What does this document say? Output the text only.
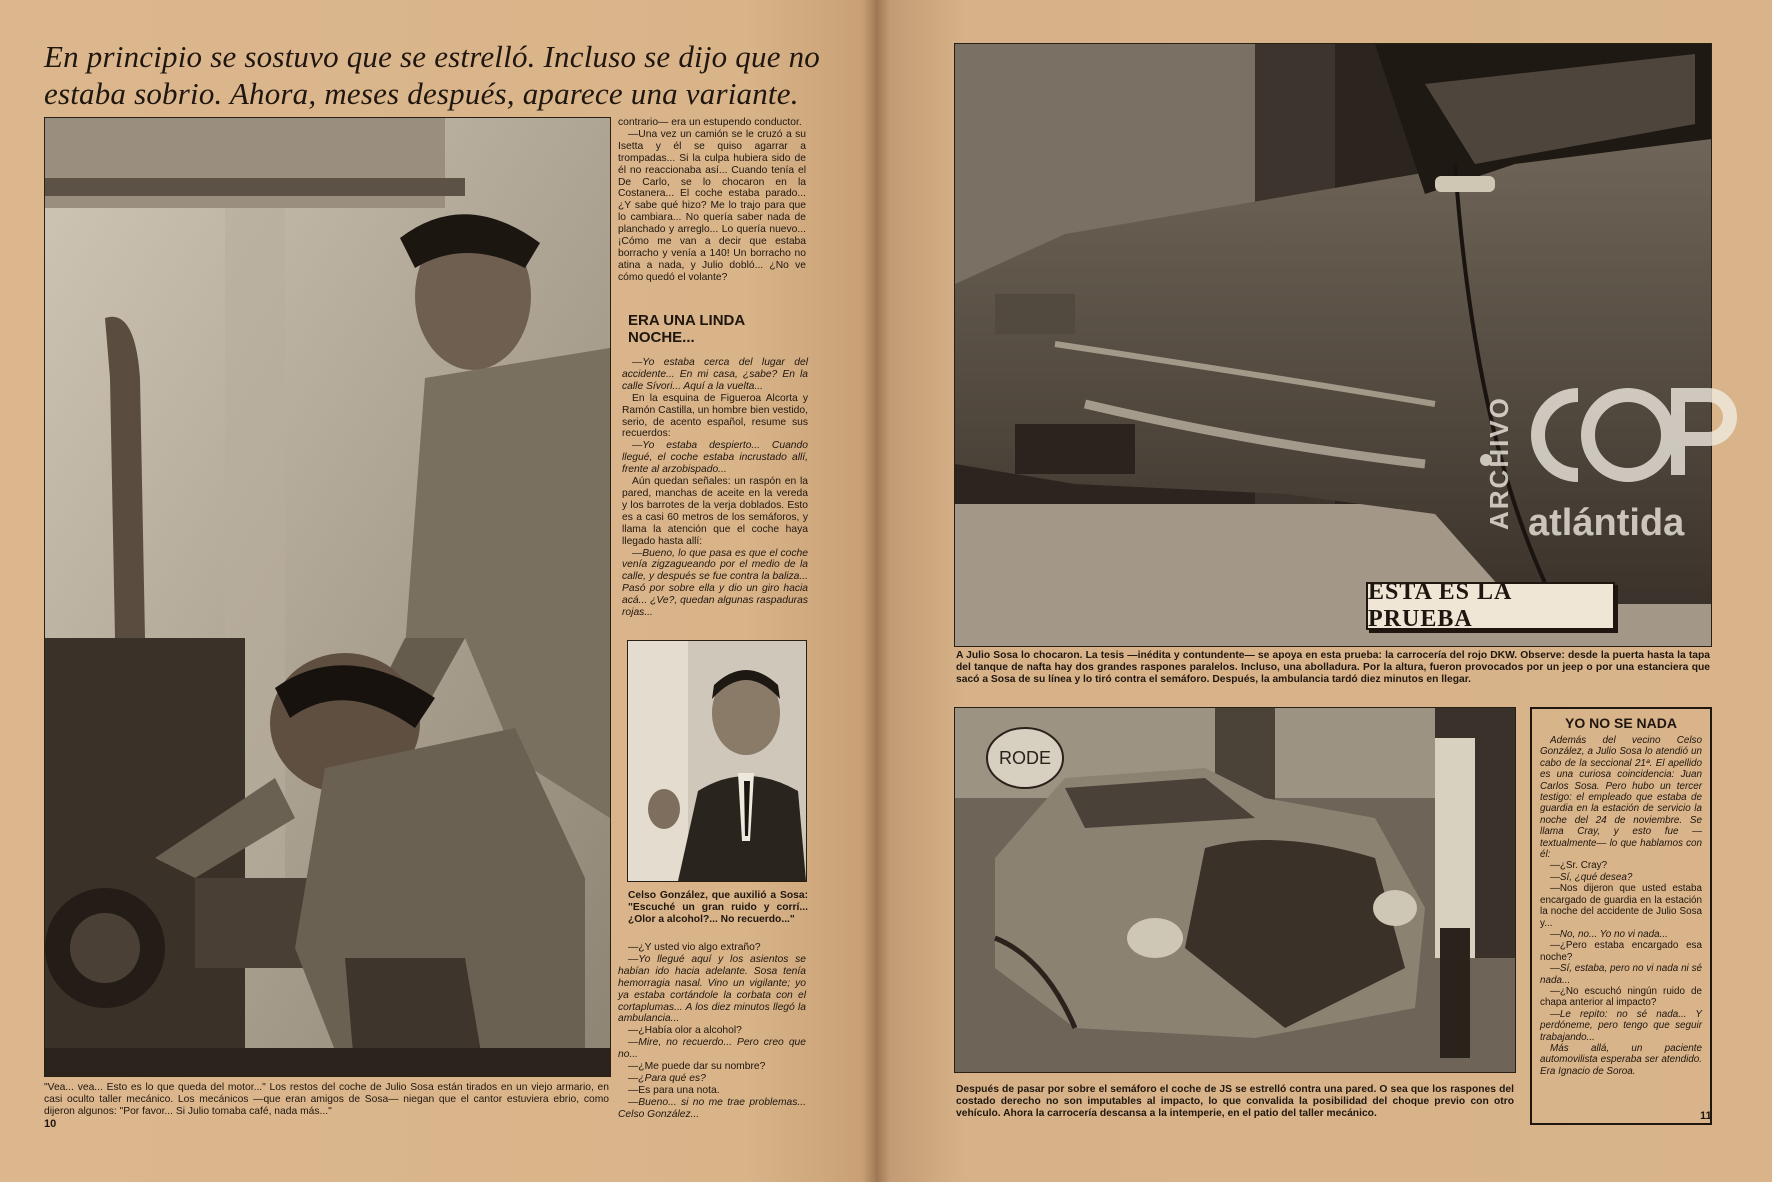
En principio se sostuvo que se estrelló. Incluso se dijo que no estaba sobrio. Ahora, meses después, aparece una variante.

contrario— era un estupendo conductor.

—Una vez un camión se le cruzó a su Isetta y él se quiso agarrar a trompadas... Si la culpa hubiera sido de él no reaccionaba así... Cuando tenía el De Carlo, se lo chocaron en la Costanera... El coche estaba parado... ¿Y sabe qué hizo? Me lo trajo para que lo cambiara... No quería saber nada de planchado y arreglo... Lo quería nuevo... ¡Cómo me van a decir que estaba borracho y venía a 140! Un borracho no atina a nada, y Julio dobló... ¿No ve cómo quedó el volante?

ERA UNA LINDA NOCHE...

—Yo estaba cerca del lugar del accidente... En mi casa, ¿sabe? En la calle Sívori... Aquí a la vuelta...

En la esquina de Figueroa Alcorta y Ramón Castilla, un hombre bien vestido, serio, de acento español, resume sus recuerdos:

—Yo estaba despierto... Cuando llegué, el coche estaba incrustado allí, frente al arzobispado...

Aún quedan señales: un raspón en la pared, manchas de aceite en la vereda y los barrotes de la verja doblados. Esto es a casi 60 metros de los semáforos, y llama la atención que el coche haya llegado hasta allí:

—Bueno, lo que pasa es que el coche venía zigzagueando por el medio de la calle, y después se fue contra la baliza... Pasó por sobre ella y dio un giro hacia acá... ¿Ve?, quedan algunas raspaduras rojas...

Celso González, que auxilió a Sosa: "Escuché un gran ruido y corrí... ¿Olor a alcohol?... No recuerdo..."

—¿Y usted vio algo extraño?

—Yo llegué aquí y los asientos se habían ido hacia adelante. Sosa tenía hemorragia nasal. Vino un vigilante; yo ya estaba cortándole la corbata con el cortaplumas... A los diez minutos llegó la ambulancia...

—¿Había olor a alcohol?

—Mire, no recuerdo... Pero creo que no...

—¿Me puede dar su nombre?

—¿Para qué es?

—Es para una nota.

—Bueno... si no me trae problemas... Celso González...

"Vea... vea... Esto es lo que queda del motor..." Los restos del coche de Julio Sosa están tirados en un viejo armario, en casi oculto taller mecánico. Los mecánicos —que eran amigos de Sosa— niegan que el cantor estuviera ebrio, como dijeron algunos: "Por favor... Si Julio tomaba café, nada más..."
10
ESTA ES LA PRUEBA
A Julio Sosa lo chocaron. La tesis —inédita y contundente— se apoya en esta prueba: la carrocería del rojo DKW. Observe: desde la puerta hasta la tapa del tanque de nafta hay dos grandes raspones paralelos. Incluso, una abolladura. Por la altura, fueron provocados por un jeep o por una estanciera que sacó a Sosa de su línea y lo tiró contra el semáforo. Después, la ambulancia tardó diez minutos en llegar.
RODE
Después de pasar por sobre el semáforo el coche de JS se estrelló contra una pared. O sea que los raspones del costado derecho no son imputables al impacto, lo que convalida la posibilidad del choque previo con otro vehículo. Ahora la carrocería descansa a la intemperie, en el patio del taller mecánico.
YO NO SE NADA

Además del vecino Celso González, a Julio Sosa lo atendió un cabo de la seccional 21ª. El apellido es una curiosa coincidencia: Juan Carlos Sosa. Pero hubo un tercer testigo: el empleado que estaba de guardia en la estación de servicio la noche del 24 de noviembre. Se llama Cray, y esto fue —textualmente— lo que hablamos con él:

—¿Sr. Cray?

—Sí, ¿qué desea?

—Nos dijeron que usted estaba encargado de guardia en la estación la noche del accidente de Julio Sosa y...

—No, no... Yo no vi nada...

—¿Pero estaba encargado esa noche?

—Sí, estaba, pero no vi nada ni sé nada...

—¿No escuchó ningún ruido de chapa anterior al impacto?

—Le repito: no sé nada... Y perdóneme, pero tengo que seguir trabajando...

Más allá, un paciente automovilista esperaba ser atendido. Era Ignacio de Soroa.

11
ARCHIVO atlántida
